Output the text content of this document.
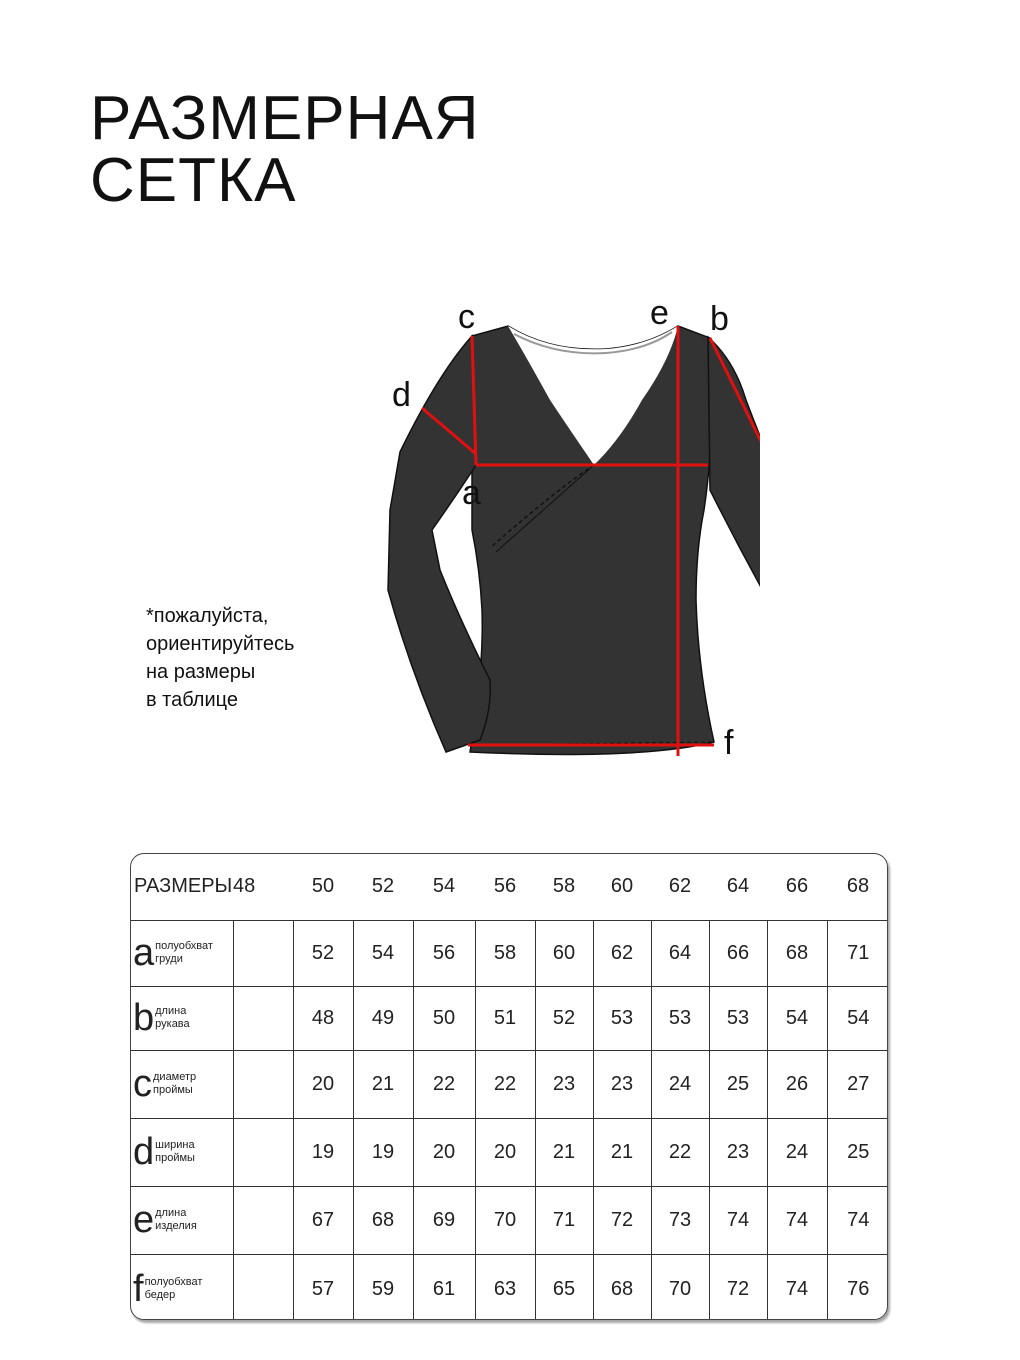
РАЗМЕРНАЯ
СЕТКА
*пожалуйста,
ориентируйтесь
на размеры
в таблице
c	e b
d
a
f
РАЗМЕРЫ	48	50	52	54	56	58	60	62	64	66	68
a полуобхват
груди		52	54	56	58	60	62	64	66	68	71
b длина
рукава		48	49	50	51	52	53	53	53	54	54
c диаметр
проймы		20	21	22	22	23	23	24	25	26	27
d ширина
проймы		19	19	20	20	21	21	22	23	24	25
e длина
изделия		67	68	69	70	71	72	73	74	74	74
f полуобхват
бедер		57	59	61	63	65	68	70	72	74	76
